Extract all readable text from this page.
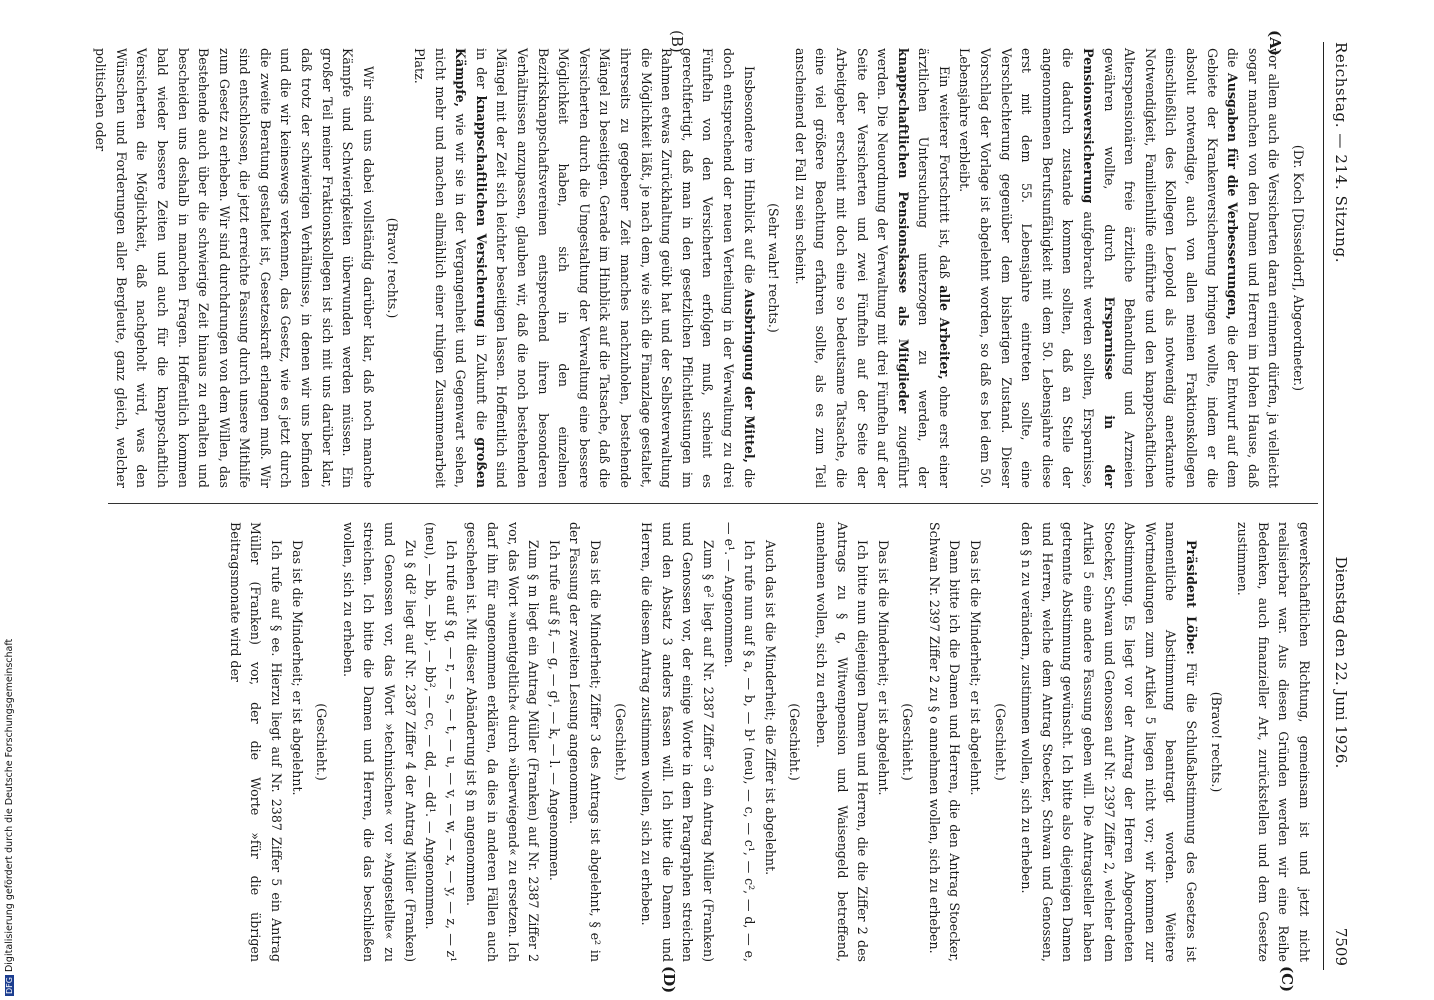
Reichstag. — 214. Sitzung.
Dienstag den 22. Juni 1926.  7509
(A)
(B)
(C)
(D)

(Dr. Koch [Düsseldorf], Abgeordneter.)

vor allem auch die Versicherten daran erinnern dürfen, ja vielleicht sogar manchen von den Damen und Herren im Hohen Hause, daß die Ausgaben für die Verbesserungen, die der Entwurf auf dem Gebiete der Krankenversicherung bringen wollte, indem er die absolut notwendige, auch von allen meinen Fraktionskollegen einschließlich des Kollegen Leopold als notwendig anerkannte Notwendigkeit, Familienhilfe einführte und den knappschaftlichen Alterspensionären freie ärztliche Behandlung und Arzneien gewähren wollte, durch Ersparnisse in der Pensionsversicherung aufgebracht werden sollten, Ersparnisse, die dadurch zustande kommen sollten, daß an Stelle der angenommenen Berufsunfähigkeit mit dem 50. Lebensjahre diese erst mit dem 55. Lebensjahre eintreten sollte, eine Verschlechterung gegenüber dem bisherigen Zustand. Dieser Vorschlag der Vorlage ist abgelehnt worden, so daß es bei dem 50. Lebensjahre verbleibt.

Ein weiterer Fortschritt ist, daß alle Arbeiter, ohne erst einer ärztlichen Untersuchung unterzogen zu werden, der knappschaftlichen Pensionskasse als Mitglieder zugeführt werden. Die Neuordnung der Verwaltung mit drei Fünfteln auf der Seite der Versicherten und zwei Fünfteln auf der Seite der Arbeitgeber erscheint mit doch eine so bedeutsame Tatsache, die eine viel größere Beachtung erfahren sollte, als es zum Teil anscheinend der Fall zu sein scheint.

(Sehr wahr! rechts.)

Insbesondere im Hinblick auf die Ausbringung der Mittel, die doch entsprechend der neuen Verteilung in der Verwaltung zu drei Fünfteln von den Versicherten erfolgen muß, scheint es gerechtfertigt, daß man in den gesetzlichen Pflichtleistungen im Rahmen etwas Zurückhaltung geübt hat und der Selbstverwaltung die Möglichkeit läßt, je nach dem, wie sich die Finanzlage gestaltet, ihrerseits zu gegebener Zeit manches nachzuholen, bestehende Mängel zu beseitigen. Gerade im Hinblick auf die Tatsache, daß die Versicherten durch die Umgestaltung der Verwaltung eine bessere Möglichkeit haben, sich in den einzelnen Bezirksknappschaftsvereinen entsprechend ihren besonderen Verhältnissen anzupassen, glauben wir, daß die noch bestehenden Mängel mit der Zeit sich leichter beseitigen lassen. Hoffentlich sind in der knappschaftlichen Versicherung in Zukunft die großen Kämpfe, wie wir sie in der Vergangenheit und Gegenwart sehen, nicht mehr und machen allmählich einer ruhigen Zusammenarbeit Platz.

(Bravo! rechts.)

Wir sind uns dabei vollständig darüber klar, daß noch manche Kämpfe und Schwierigkeiten überwunden werden müssen. Ein großer Teil meiner Fraktionskollegen ist sich mit uns darüber klar, daß trotz der schwierigen Verhältnisse, in denen wir uns befinden und die wir keineswegs verkennen, das Gesetz, wie es jetzt durch die zweite Beratung gestaltet ist, Gesetzeskraft erlangen muß. Wir sind entschlossen, die jetzt erreichte Fassung durch unsere Mithilfe zum Gesetz zu erheben. Wir sind durchdrungen von dem Willen, das Bestehende auch über die schwierige Zeit hinaus zu erhalten und bescheiden uns deshalb in manchen Fragen. Hoffentlich kommen bald wieder bessere Zeiten und auch für die knappschaftlich Versicherten die Möglichkeit, daß nachgeholt wird, was den Wünschen und Forderungen aller Bergleute, ganz gleich, welcher politischen oder

gewerkschaftlichen Richtung, gemeinsam ist und jetzt nicht realisierbar war. Aus diesen Gründen werden wir eine Reihe Bedenken, auch finanzieller Art, zurückstellen und dem Gesetze zustimmen.

(Bravo! rechts.)

Präsident Löbe: Für die Schlußabstimmung des Gesetzes ist namentliche Abstimmung beantragt worden. Weitere Wortmeldungen zum Artikel 5 liegen nicht vor; wir kommen zur Abstimmung. Es liegt vor der Antrag der Herren Abgeordneten Stoecker, Schwan und Genossen auf Nr. 2397 Ziffer 2, welcher dem Artikel 5 eine andere Fassung geben will. Die Antragsteller haben getrennte Abstimmung gewünscht. Ich bitte also diejenigen Damen und Herren, welche dem Antrag Stoecker, Schwan und Genossen, den § n zu verändern, zustimmen wollen, sich zu erheben.

(Geschieht.)

Das ist die Minderheit; er ist abgelehnt.

Dann bitte ich die Damen und Herren, die den Antrag Stoecker, Schwan Nr. 2397 Ziffer 2 zu § o annehmen wollen, sich zu erheben.

(Geschieht.)

Das ist die Minderheit; er ist abgelehnt.

Ich bitte nun diejenigen Damen und Herren, die die Ziffer 2 des Antrags zu § q, Witwenpension und Waisengeld betreffend, annehmen wollen, sich zu erheben.

(Geschieht.)

Auch das ist die Minderheit; die Ziffer ist abgelehnt.

Ich rufe nun auf § a, — b, — b¹ (neu), — c, — c¹, — c², — d, — e, — e¹. — Angenommen.

Zum § e² liegt auf Nr. 2387 Ziffer 3 ein Antrag Müller (Franken) und Genossen vor, der einige Worte in dem Paragraphen streichen und den Absatz 3 anders fassen will. Ich bitte die Damen und Herren, die diesem Antrag zustimmen wollen, sich zu erheben.

(Geschieht.)

Das ist die Minderheit; Ziffer 3 des Antrags ist abgelehnt, § e² in der Fassung der zweiten Lesung angenommen.

Ich rufe auf § f, — g, — g¹, — k, — l. — Angenommen.

Zum § m liegt ein Antrag Müller (Franken) auf Nr. 2387 Ziffer 2 vor, das Wort »unentgeltlich« durch »überwiegend« zu ersetzen. Ich darf ihn für angenommen erklären, da dies in anderen Fällen auch geschehen ist. Mit dieser Abänderung ist § m angenommen.

Ich rufe auf § q, — r, — s, — t, — u, — v, — w, — x, — y, — z, — z¹ (neu), — bb, — bb¹, — bb², — cc, — dd, — dd¹. — Angenommen.

Zu § dd² liegt auf Nr. 2387 Ziffer 4 der Antrag Müller (Franken) und Genossen vor, das Wort »technischen« vor »Angestellte« zu streichen. Ich bitte die Damen und Herren, die das beschließen wollen, sich zu erheben.

(Geschieht.)

Das ist die Minderheit; er ist abgelehnt.

Ich rufe auf § ee. Hierzu liegt auf Nr. 2387 Ziffer 5 ein Antrag Müller (Franken) vor, der die Worte »für die übrigen Beitragsmonate wird der

DFGDigitalisierung gefördert durch die Deutsche Forschungsgemeinschaft
